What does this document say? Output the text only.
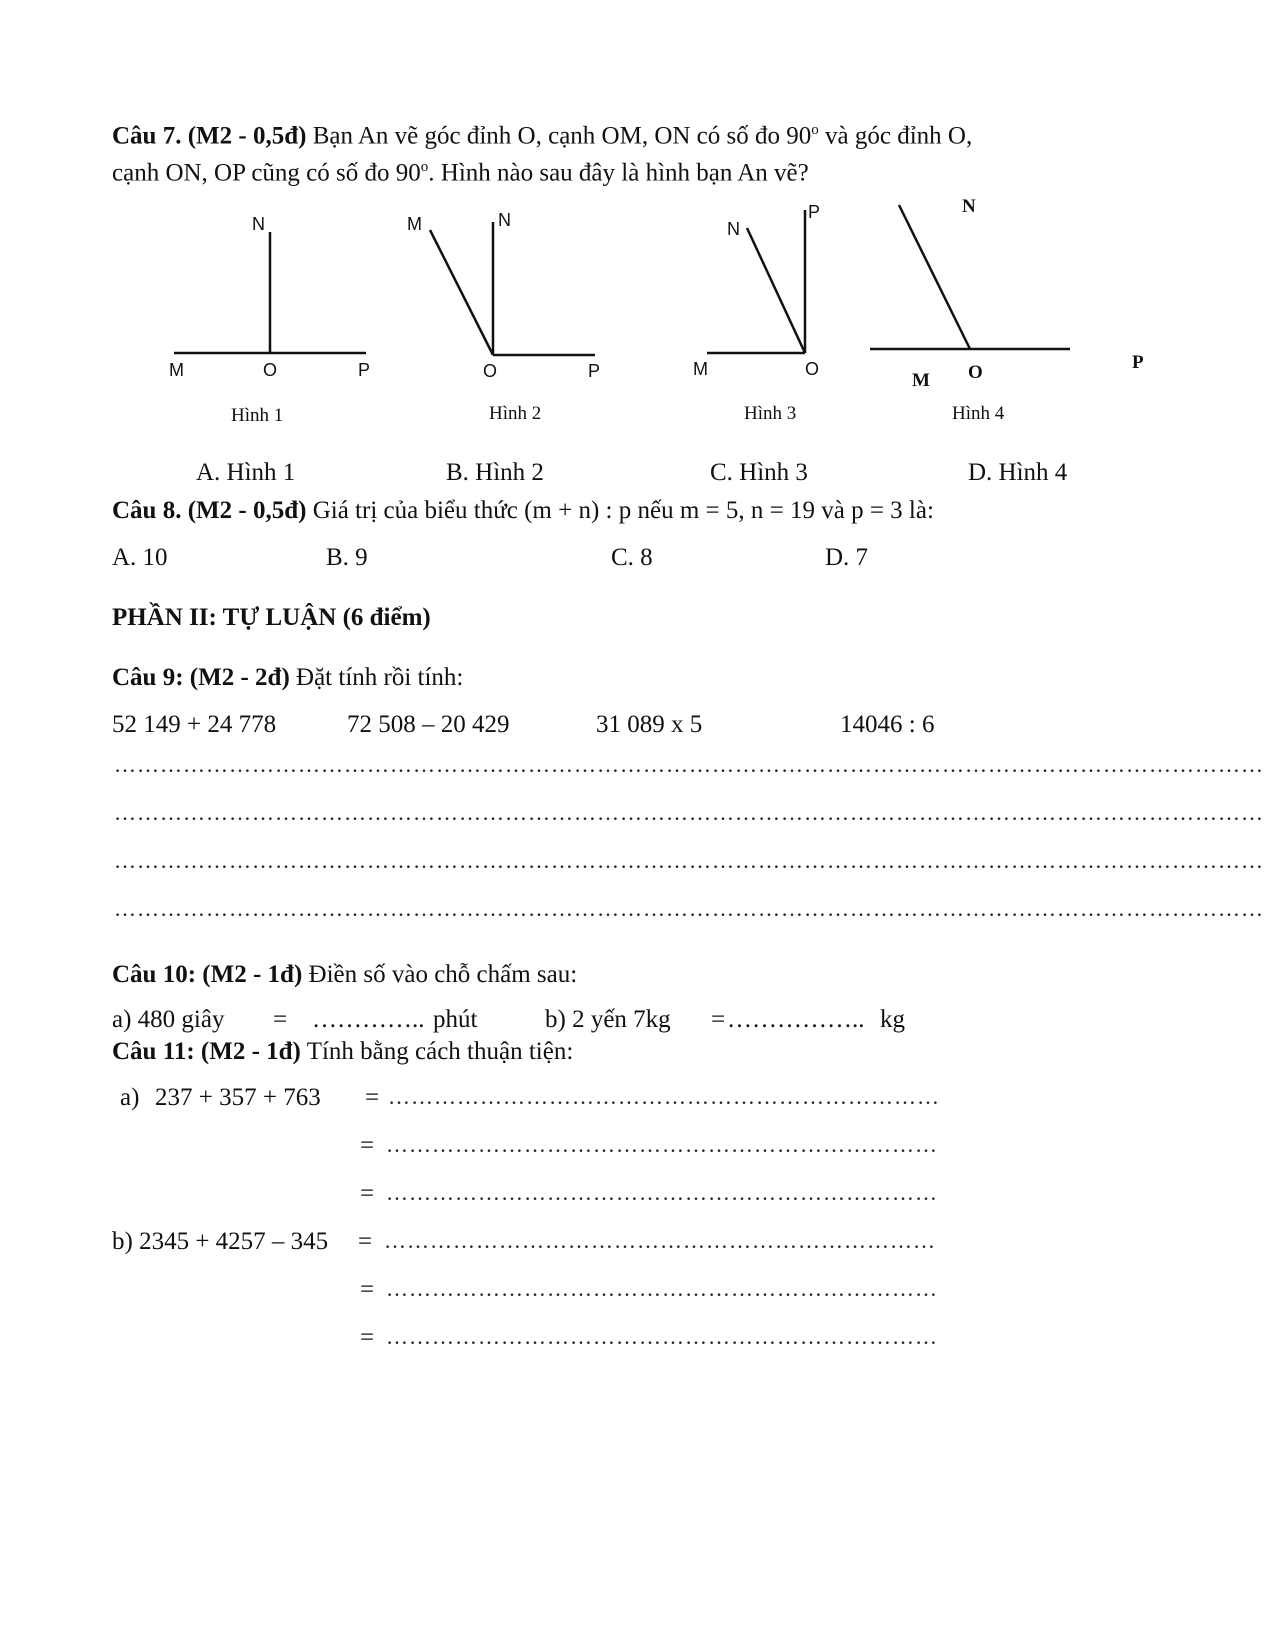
Câu 7. (M2 - 0,5đ) Bạn An vẽ góc đỉnh O, cạnh OM, ON có số đo 90$^o$ và góc đỉnh O,
cạnh ON, OP cũng có số đo 90$^o$. Hình nào sau đây là hình bạn An vẽ?
N
M	O	P
M	N
O	P
N
P
M	O
N
M O	P
Hình 1	Hình 2	Hình 3	Hình 4
A. Hình 1	B. Hình 2	C. Hình 3	D. Hình 4
Câu 8. (M2 - 0,5đ) Giá trị của biểu thức (m + n) : p nếu m = 5, n = 19 và p = 3 là:
A. 10	B. 9	C. 8	D. 7
PHẦN II: TỰ LUẬN (6 điểm)
Câu 9: (M2 - 2đ) Đặt tính rồi tính:
52 149 + 24 778	72 508 – 20 429	31 089 x 5	14046 : 6
……………………………………………………………………………………………………………………………………
……………………………………………………………………………………………………………………………………
……………………………………………………………………………………………………………………………………
……………………………………………………………………………………………………………………………………
Câu 10: (M2 - 1đ) Điền số vào chỗ chấm sau:
a) 480 giây = ………….. phút	b) 2 yến 7kg = …………….. kg
Câu 11: (M2 - 1đ) Tính bằng cách thuận tiện:
a) 237 + 357 + 763 = ………………………………………………………………
= ………………………………………………………………
= ………………………………………………………………
b) 2345 + 4257 – 345 = ………………………………………………………………
= ………………………………………………………………
= ………………………………………………………………
